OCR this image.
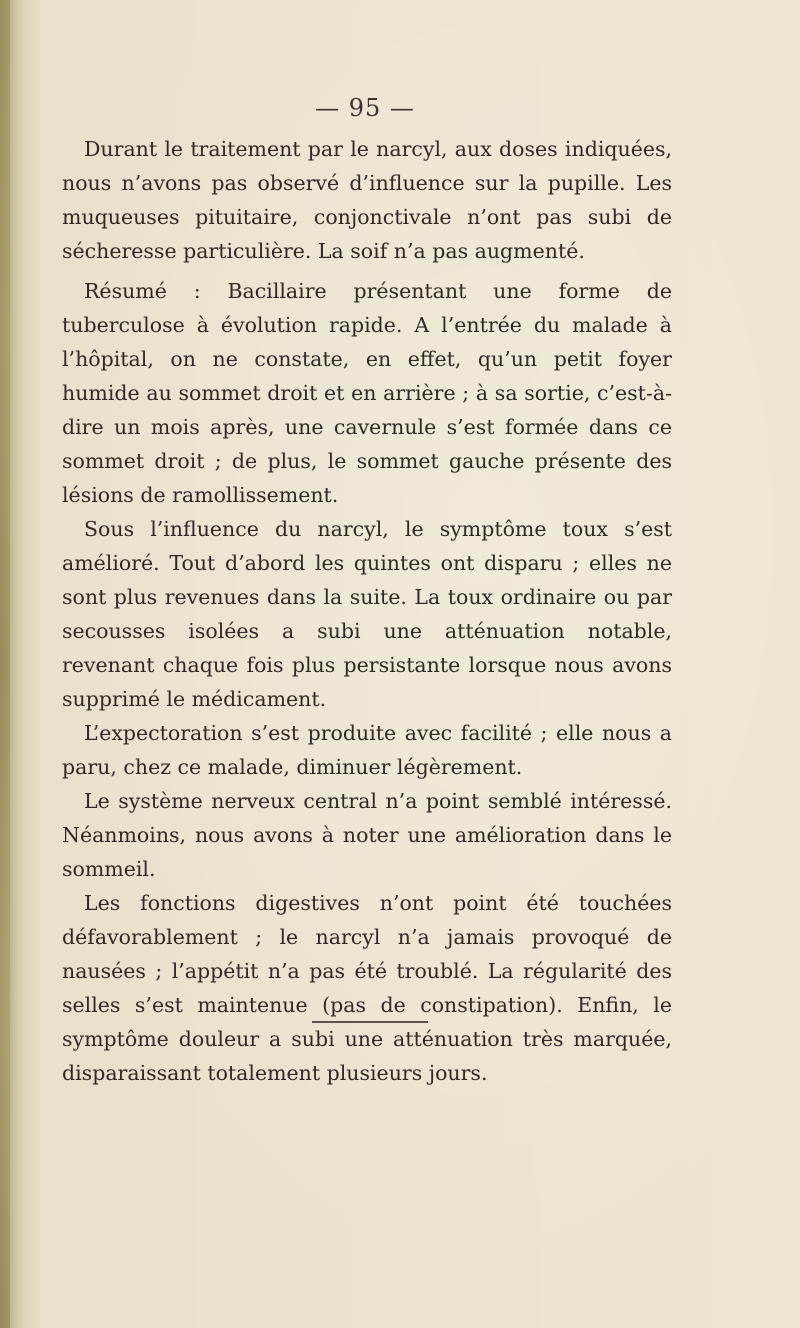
— 95 —

Durant le traitement par le narcyl, aux doses indiquées, nous n’avons pas observé d’influence sur la pupille. Les muqueuses pituitaire, conjonctivale n’ont pas subi de sécheresse particulière. La soif n’a pas augmenté.

Résumé : Bacillaire présentant une forme de tuberculose à évolution rapide. A l’entrée du malade à l’hôpital, on ne constate, en effet, qu’un petit foyer humide au sommet droit et en arrière ; à sa sortie, c’est-à-dire un mois après, une cavernule s’est formée dans ce sommet droit ; de plus, le sommet gauche présente des lésions de ramollissement.

Sous l’influence du narcyl, le symptôme toux s’est amélioré. Tout d’abord les quintes ont disparu ; elles ne sont plus revenues dans la suite. La toux ordinaire ou par secousses isolées a subi une atténuation notable, revenant chaque fois plus persistante lorsque nous avons supprimé le médicament.

L’expectoration s’est produite avec facilité ; elle nous a paru, chez ce malade, diminuer légèrement.

Le système nerveux central n’a point semblé intéressé. Néanmoins, nous avons à noter une amélioration dans le sommeil.

Les fonctions digestives n’ont point été touchées défavorablement ; le narcyl n’a jamais provoqué de nausées ; l’appétit n’a pas été troublé. La régularité des selles s’est maintenue (pas de constipation). Enfin, le symptôme douleur a subi une atténuation très marquée, disparaissant totalement plusieurs jours.
